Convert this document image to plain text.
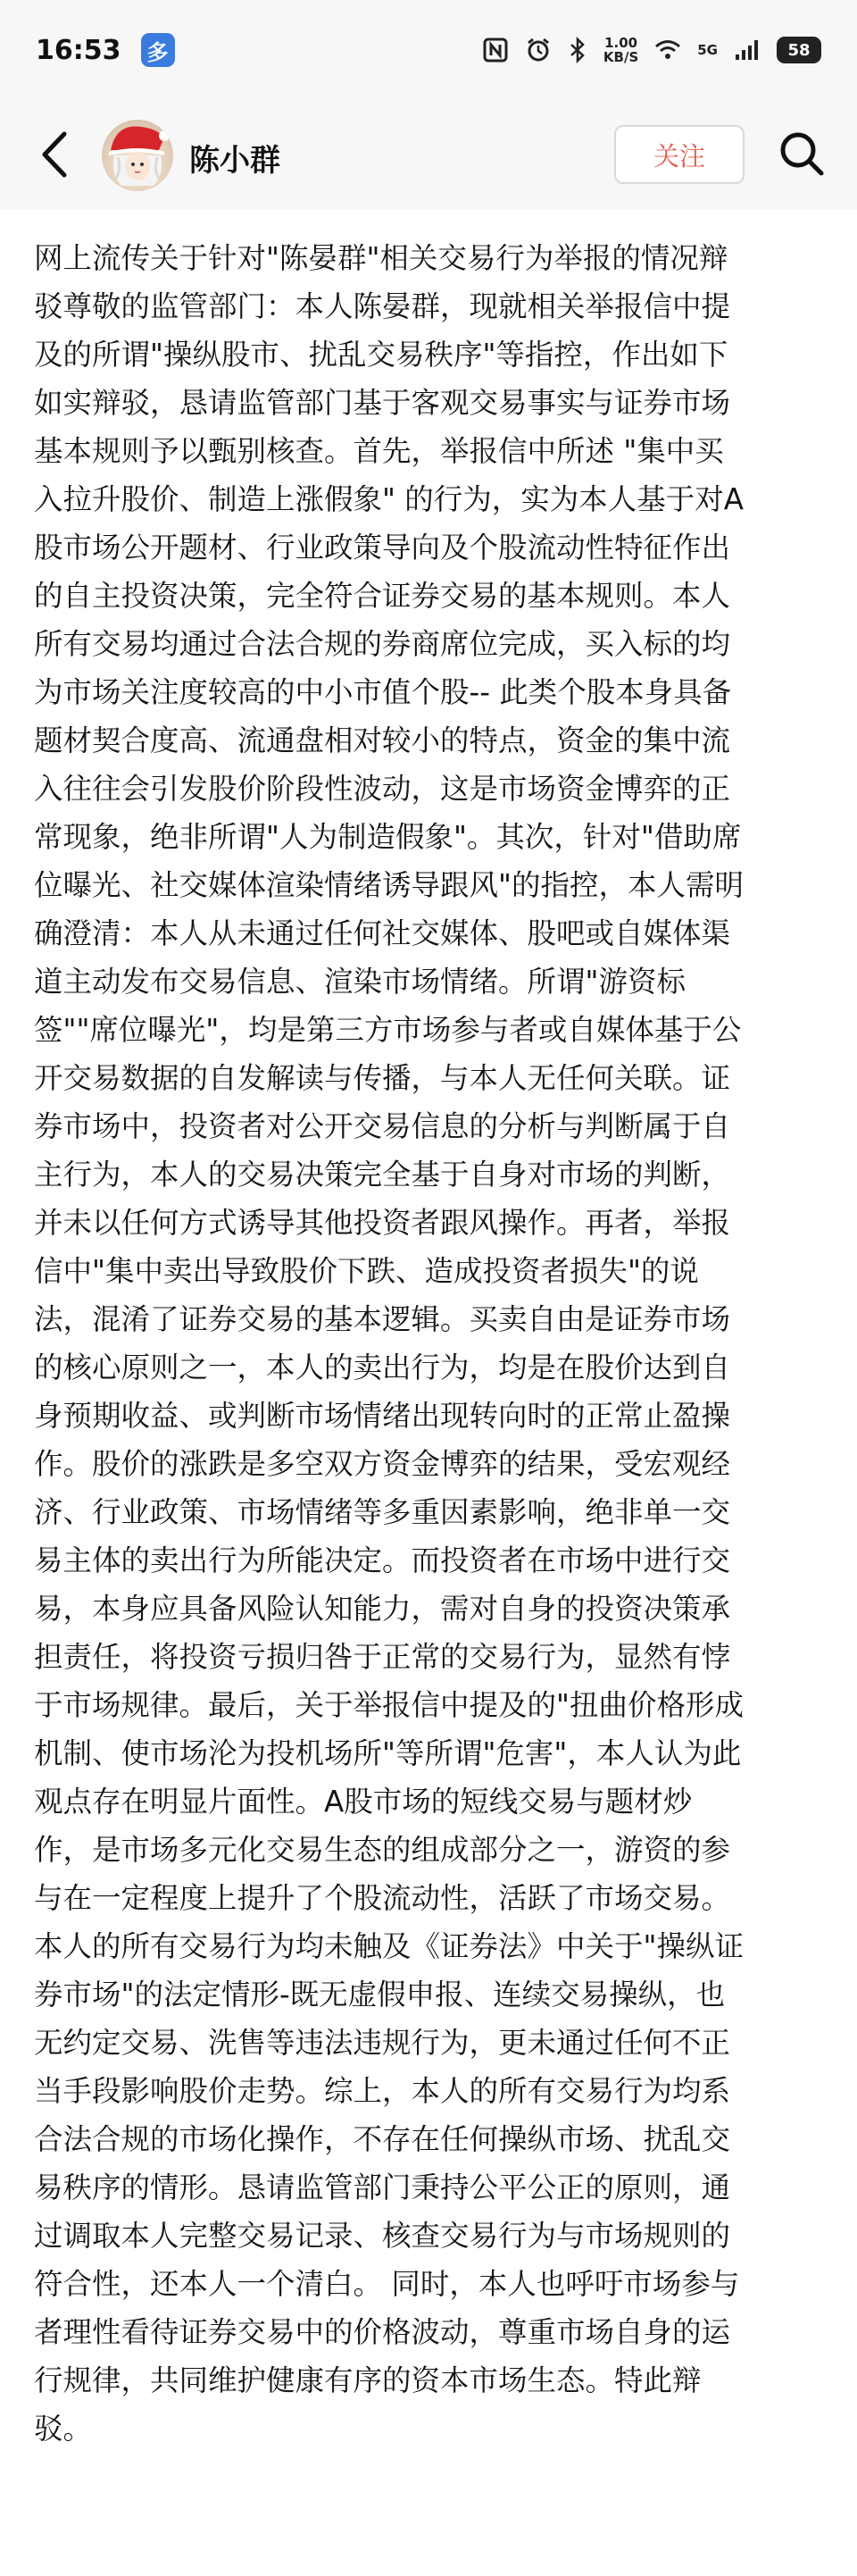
16:53 多	1.00
KB/S	5G	58
陈小群	关注
网上流传关于针对"陈晏群"相关交易行为举报的情况辩
驳尊敬的监管部门：本人陈晏群，现就相关举报信中提
及的所谓"操纵股市、扰乱交易秩序"等指控，作出如下
如实辩驳，恳请监管部门基于客观交易事实与证券市场
基本规则予以甄别核查。首先，举报信中所述 "集中买
入拉升股价、制造上涨假象" 的行为，实为本人基于对A
股市场公开题材、行业政策导向及个股流动性特征作出
的自主投资决策，完全符合证券交易的基本规则。本人
所有交易均通过合法合规的券商席位完成，买入标的均
为市场关注度较高的中小市值个股-- 此类个股本身具备
题材契合度高、流通盘相对较小的特点，资金的集中流
入往往会引发股价阶段性波动，这是市场资金博弈的正
常现象，绝非所谓"人为制造假象"。其次，针对"借助席
位曝光、社交媒体渲染情绪诱导跟风"的指控，本人需明
确澄清：本人从未通过任何社交媒体、股吧或自媒体渠
道主动发布交易信息、渲染市场情绪。所谓"游资标
签""席位曝光"，均是第三方市场参与者或自媒体基于公
开交易数据的自发解读与传播，与本人无任何关联。证
券市场中，投资者对公开交易信息的分析与判断属于自
主行为，本人的交易决策完全基于自身对市场的判断，
并未以任何方式诱导其他投资者跟风操作。再者，举报
信中"集中卖出导致股价下跌、造成投资者损失"的说
法，混淆了证券交易的基本逻辑。买卖自由是证券市场
的核心原则之一，本人的卖出行为，均是在股价达到自
身预期收益、或判断市场情绪出现转向时的正常止盈操
作。股价的涨跌是多空双方资金博弈的结果，受宏观经
济、行业政策、市场情绪等多重因素影响，绝非单一交
易主体的卖出行为所能决定。而投资者在市场中进行交
易，本身应具备风险认知能力，需对自身的投资决策承
担责任，将投资亏损归咎于正常的交易行为，显然有悖
于市场规律。最后，关于举报信中提及的"扭曲价格形成
机制、使市场沦为投机场所"等所谓"危害"，本人认为此
观点存在明显片面性。A股市场的短线交易与题材炒
作，是市场多元化交易生态的组成部分之一，游资的参
与在一定程度上提升了个股流动性，活跃了市场交易。
本人的所有交易行为均未触及《证券法》中关于"操纵证
券市场"的法定情形-既无虚假申报、连续交易操纵，也
无约定交易、洗售等违法违规行为，更未通过任何不正
当手段影响股价走势。综上，本人的所有交易行为均系
合法合规的市场化操作，不存在任何操纵市场、扰乱交
易秩序的情形。恳请监管部门秉持公平公正的原则，通
过调取本人完整交易记录、核查交易行为与市场规则的
符合性，还本人一个清白。 同时，本人也呼吁市场参与
者理性看待证券交易中的价格波动，尊重市场自身的运
行规律，共同维护健康有序的资本市场生态。特此辩
驳。
